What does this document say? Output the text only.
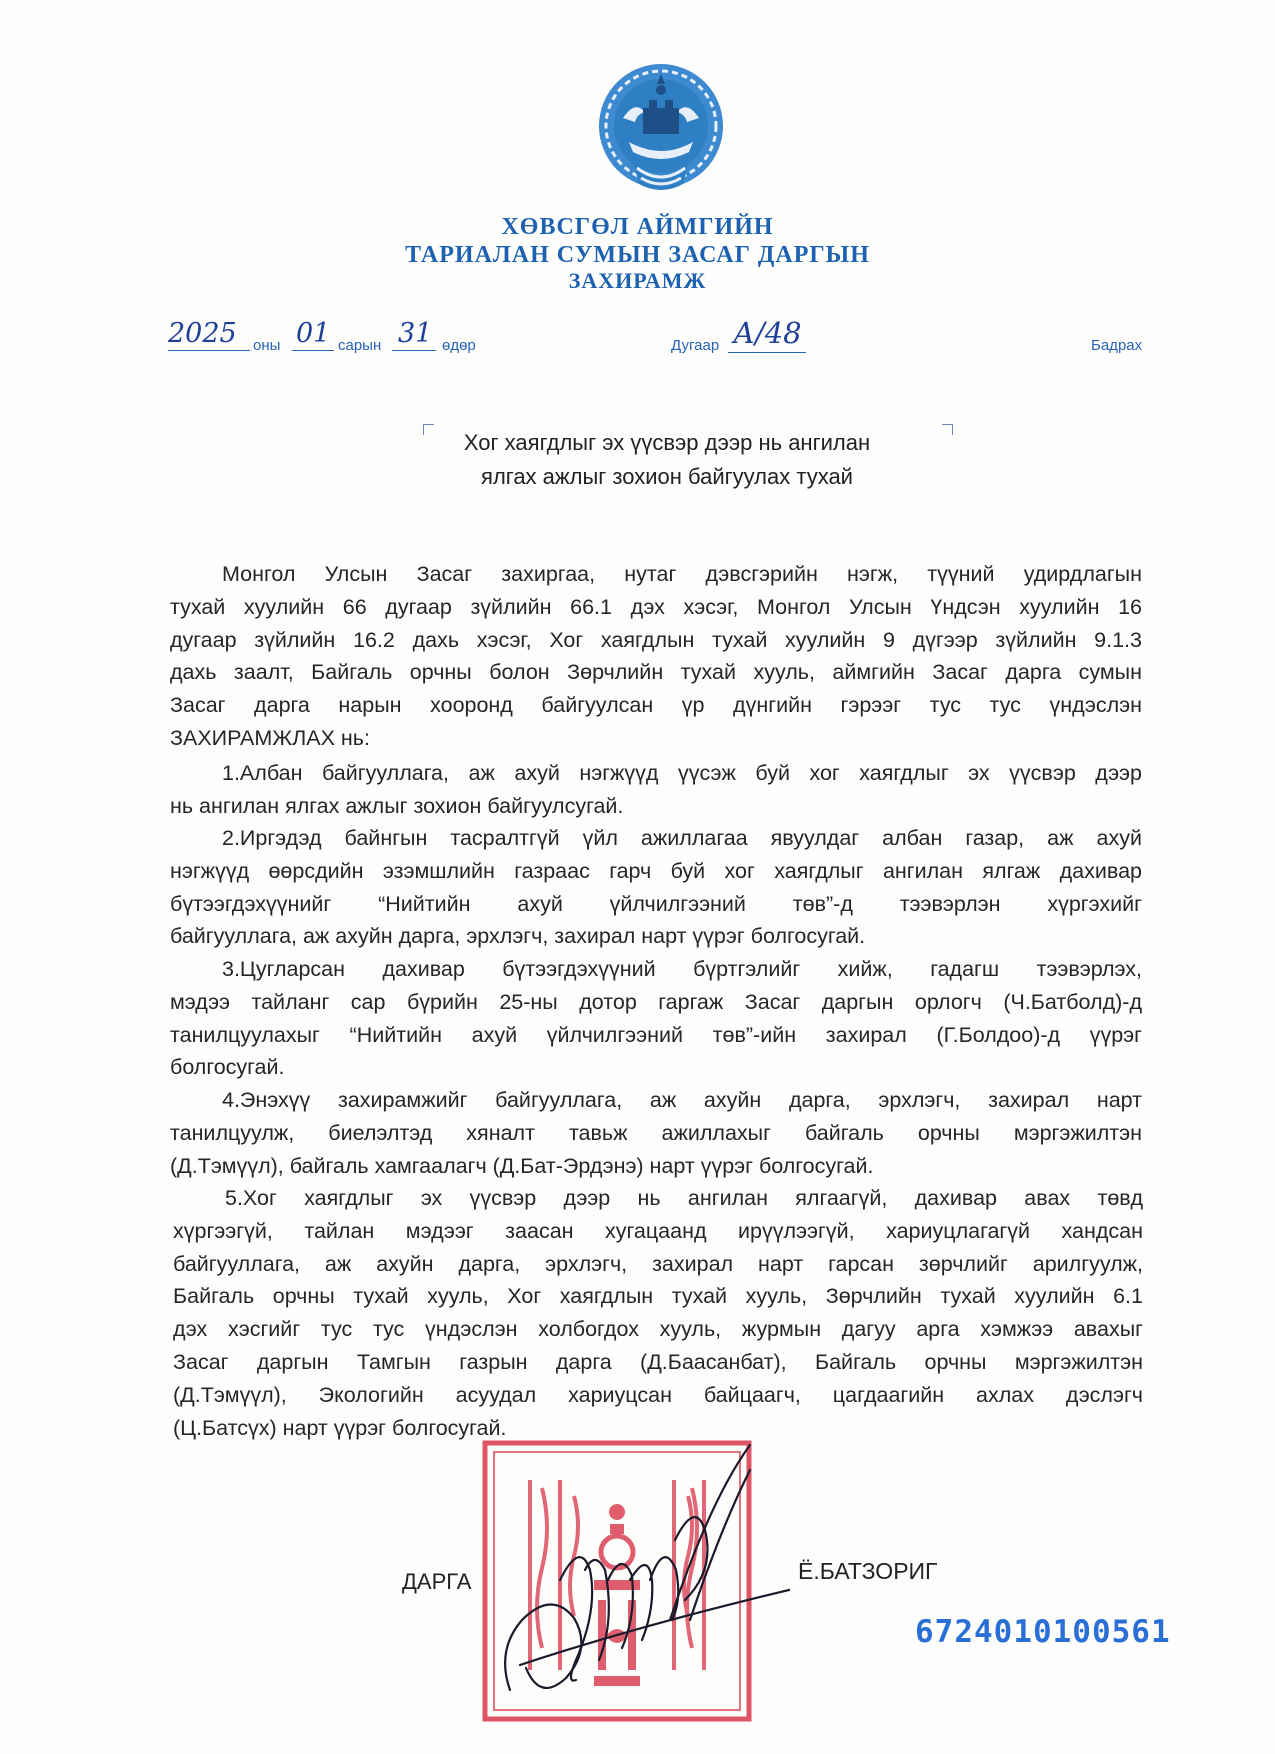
ХӨВСГӨЛ АЙМГИЙН
ТАРИАЛАН СУМЫН ЗАСАГ ДАРГЫН
ЗАХИРАМЖ
2025 оны 01 сарын 31 өдөр	Дугаар А/48	Бадрах
Хог хаягдлыг эх үүсвэр дээр нь ангилан
ялгах ажлыг зохион байгуулах тухай
Монгол Улсын Засаг захиргаа, нутаг дэвсгэрийн нэгж, түүний удирдлагын
тухай хуулийн 66 дугаар зүйлийн 66.1 дэх хэсэг, Монгол Улсын Үндсэн хуулийн 16
дугаар зүйлийн 16.2 дахь хэсэг, Хог хаягдлын тухай хуулийн 9 дүгээр зүйлийн 9.1.3
дахь заалт, Байгаль орчны болон Зөрчлийн тухай хууль, аймгийн Засаг дарга сумын
Засаг дарга нарын хооронд байгуулсан үр дүнгийн гэрээг тус тус үндэслэн
ЗАХИРАМЖЛАХ нь:
1.Албан байгууллага, аж ахуй нэгжүүд үүсэж буй хог хаягдлыг эх үүсвэр дээр
нь ангилан ялгах ажлыг зохион байгуулсугай.
2.Иргэдэд байнгын тасралтгүй үйл ажиллагаа явуулдаг албан газар, аж ахуй
нэгжүүд өөрсдийн эзэмшлийн газраас гарч буй хог хаягдлыг ангилан ялгаж дахивар
бүтээгдэхүүнийг “Нийтийн ахуй үйлчилгээний төв”-д тээвэрлэн хүргэхийг
байгууллага, аж ахуйн дарга, эрхлэгч, захирал нарт үүрэг болгосугай.
3.Цугларсан дахивар бүтээгдэхүүний бүртгэлийг хийж, гадагш тээвэрлэх,
мэдээ тайланг сар бүрийн 25-ны дотор гаргаж Засаг даргын орлогч (Ч.Батболд)-д
танилцуулахыг “Нийтийн ахуй үйлчилгээний төв”-ийн захирал (Г.Болдоо)-д үүрэг
болгосугай.
4.Энэхүү захирамжийг байгууллага, аж ахуйн дарга, эрхлэгч, захирал нарт
танилцуулж, биелэлтэд хяналт тавьж ажиллахыг байгаль орчны мэргэжилтэн
(Д.Тэмүүл), байгаль хамгаалагч (Д.Бат-Эрдэнэ) нарт үүрэг болгосугай.
5.Хог хаягдлыг эх үүсвэр дээр нь ангилан ялгаагүй, дахивар авах төвд
хүргээгүй, тайлан мэдээг заасан хугацаанд ирүүлээгүй, хариуцлагагүй хандсан
байгууллага, аж ахуйн дарга, эрхлэгч, захирал нарт гарсан зөрчлийг арилгуулж,
Байгаль орчны тухай хууль, Хог хаягдлын тухай хууль, Зөрчлийн тухай хуулийн 6.1
дэх хэсгийг тус тус үндэслэн холбогдох хууль, журмын дагуу арга хэмжээ авахыг
Засаг даргын Тамгын газрын дарга (Д.Баасанбат), Байгаль орчны мэргэжилтэн
(Д.Тэмүүл), Экологийн асуудал хариуцсан байцаагч, цагдаагийн ахлах дэслэгч
(Ц.Батсүх) нарт үүрэг болгосугай.
ДАРГА	Ё.БАТЗОРИГ
6724010100561
